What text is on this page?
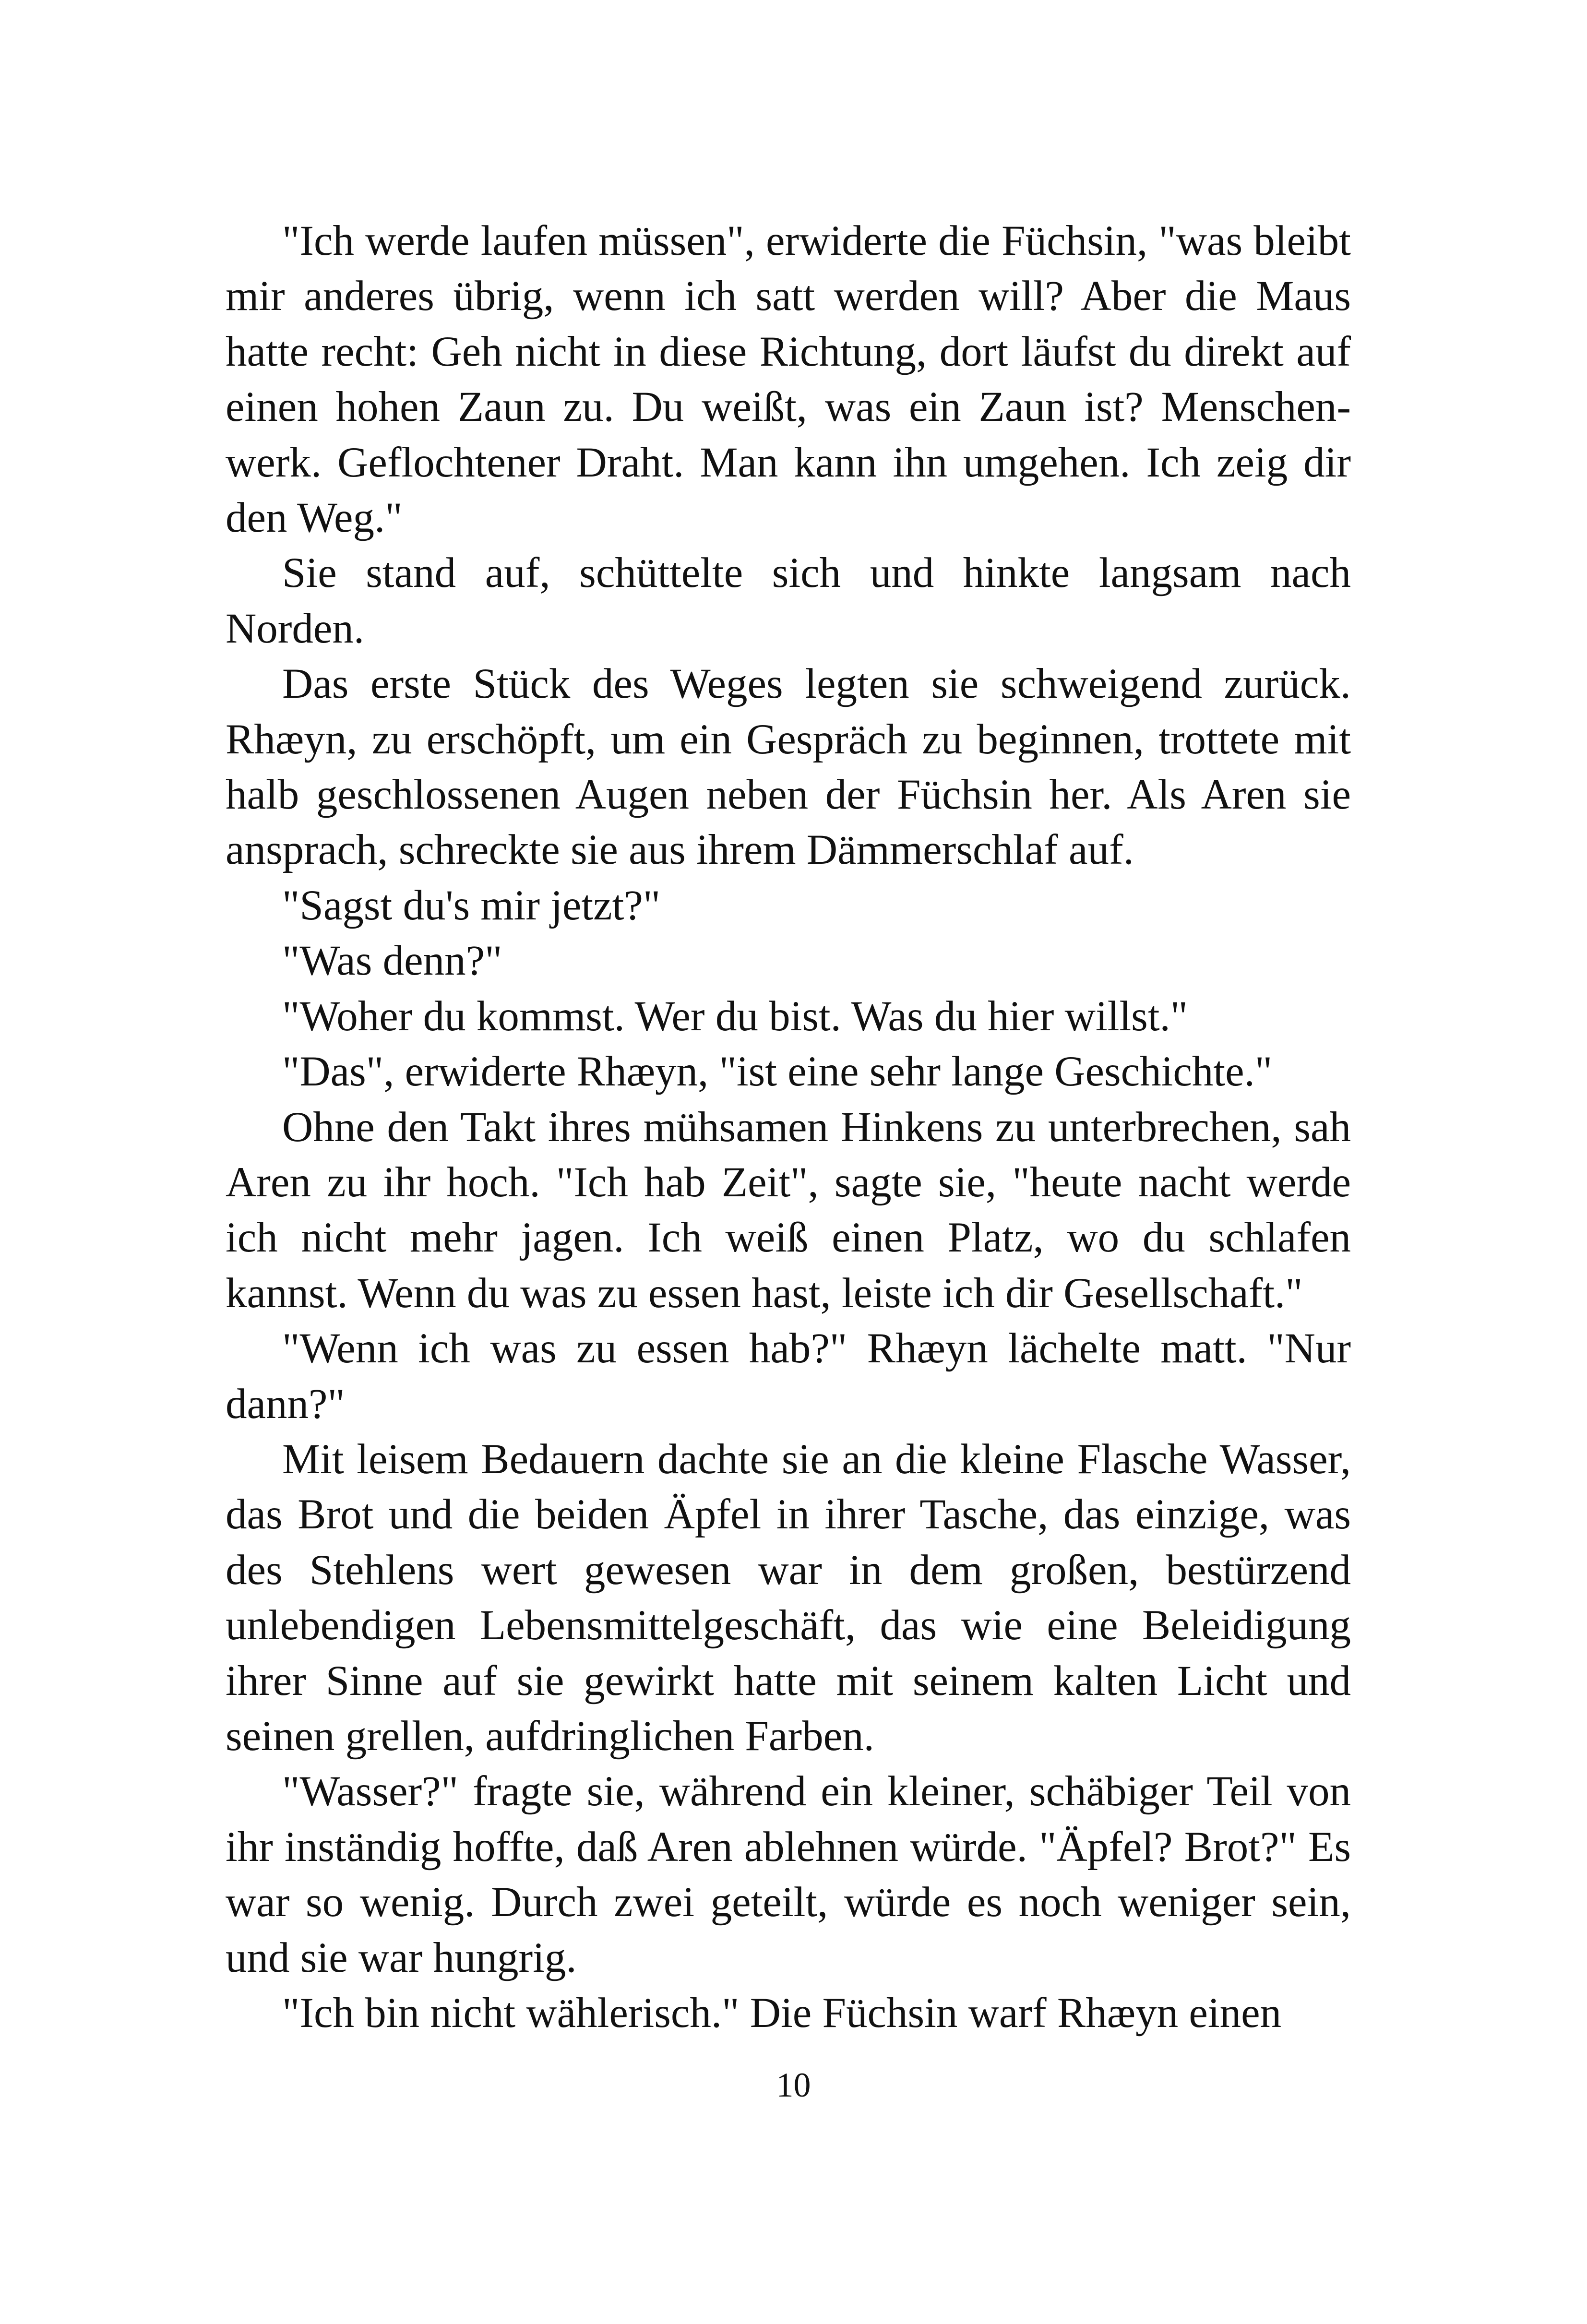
"Ich werde laufen müssen", erwiderte die Füchsin, "was bleibt mir anderes übrig, wenn ich satt werden will? Aber die Maus hatte recht: Geh nicht in diese Richtung, dort läufst du direkt auf einen hohen Zaun zu. Du weißt, was ein Zaun ist? Menschenwerk. Geflochtener Draht. Man kann ihn umgehen. Ich zeig dir den Weg."

Sie stand auf, schüttelte sich und hinkte langsam nach Norden.

Das erste Stück des Weges legten sie schweigend zurück. Rhæyn, zu erschöpft, um ein Gespräch zu beginnen, trottete mit halb geschlossenen Augen neben der Füchsin her. Als Aren sie ansprach, schreckte sie aus ihrem Dämmerschlaf auf.

"Sagst du's mir jetzt?"

"Was denn?"

"Woher du kommst. Wer du bist. Was du hier willst."

"Das", erwiderte Rhæyn, "ist eine sehr lange Geschichte."

Ohne den Takt ihres mühsamen Hinkens zu unterbrechen, sah Aren zu ihr hoch. "Ich hab Zeit", sagte sie, "heute nacht werde ich nicht mehr jagen. Ich weiß einen Platz, wo du schlafen kannst. Wenn du was zu essen hast, leiste ich dir Gesellschaft."

"Wenn ich was zu essen hab?" Rhæyn lächelte matt. "Nur dann?"

Mit leisem Bedauern dachte sie an die kleine Flasche Wasser, das Brot und die beiden Äpfel in ihrer Tasche, das einzige, was des Stehlens wert gewesen war in dem großen, bestürzend unlebendigen Lebensmittelgeschäft, das wie eine Beleidigung ihrer Sinne auf sie gewirkt hatte mit seinem kalten Licht und seinen grellen, aufdringlichen Farben.

"Wasser?" fragte sie, während ein kleiner, schäbiger Teil von ihr inständig hoffte, daß Aren ablehnen würde. "Äpfel? Brot?" Es war so wenig. Durch zwei geteilt, würde es noch weniger sein, und sie war hungrig.

"Ich bin nicht wählerisch." Die Füchsin warf Rhæyn einen

10
